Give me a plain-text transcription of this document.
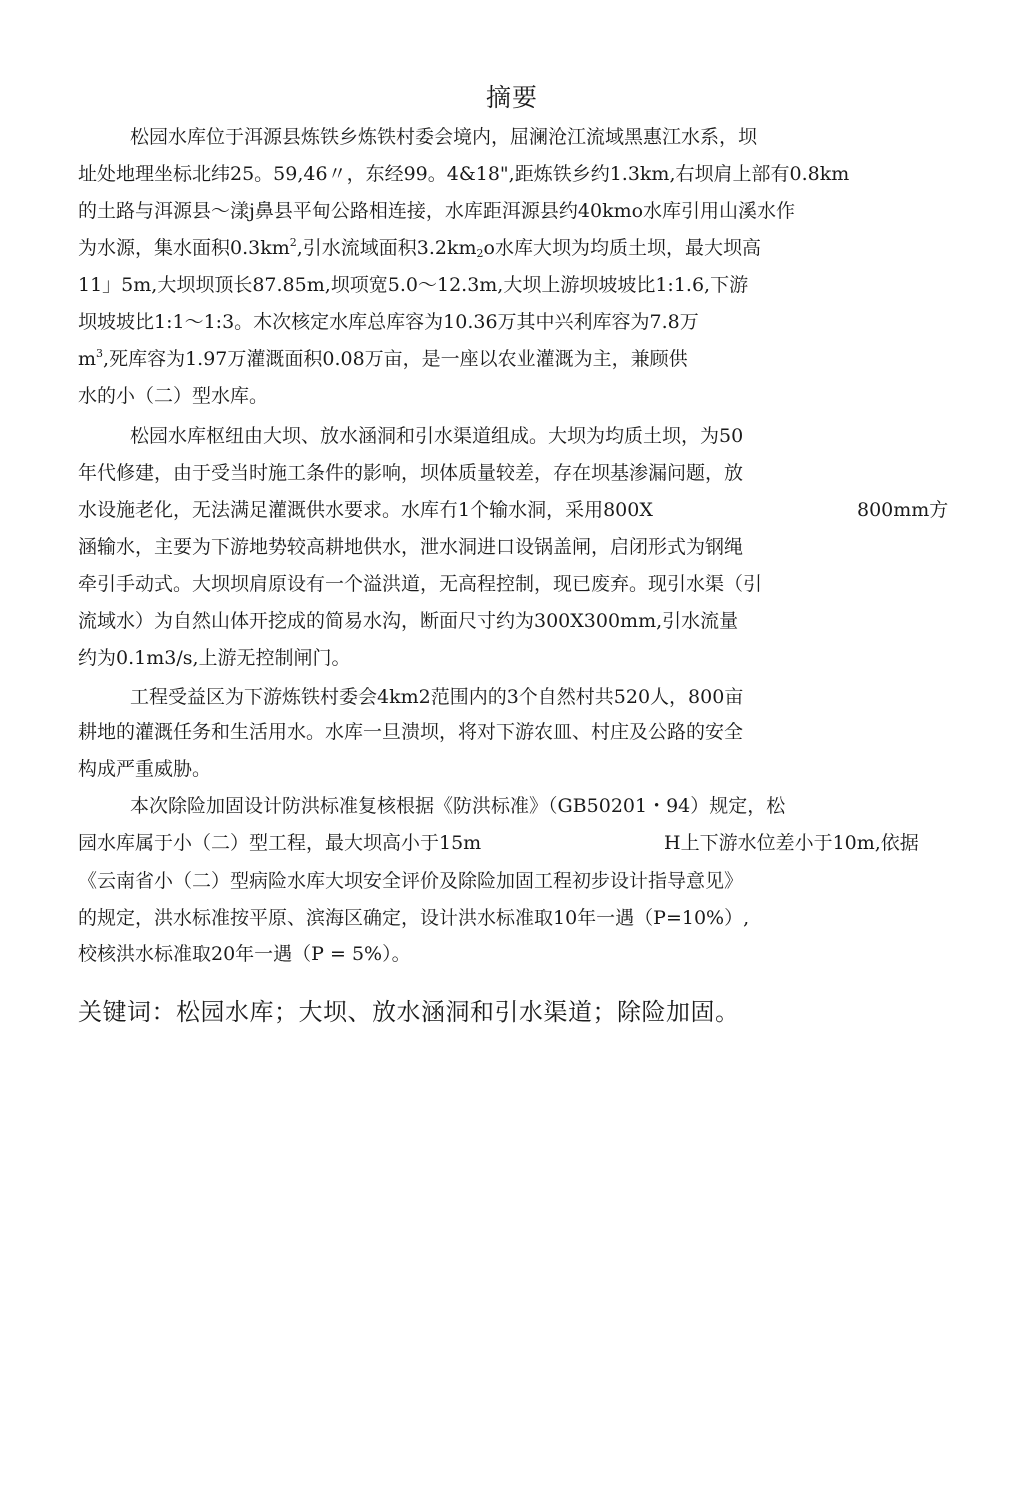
摘要
松园水库位于洱源县炼铁乡炼铁村委会境内，屈澜沧江流域黑惠江水系，坝
址处地理坐标北纬25。59,46〃，东经99。4&18",距炼铁乡约1.3km,右坝肩上部有0.8km
的土路与洱源县～漾j鼻县平甸公路相连接，水库距洱源县约40kmo水库引用山溪水作
为水源，集水面积$0.3km^2$,引水流域面积$3.2km_2o$水库大坝为均质土坝，最大坝高
11」5m,大坝坝顶长87.85m,坝项宽5.0～12.3m,大坝上游坝坡坡比1:1.6,下游
坝坡坡比1:1～1:3。木次核定水库总库容为10.36万其中兴利库容为7.8万
$m^3$,死库容为1.97万灌溉面积0.08万亩，是一座以农业灌溉为主，兼顾供
水的小（二）型水库。
松园水库枢纽由大坝、放水涵洞和引水渠道组成。大坝为均质土坝，为50
年代修建，由于受当时施工条件的影响，坝体质量较差，存在坝基渗漏问题，放
水设施老化，无法满足灌溉供水要求。水库冇1个输水洞，采用800X	800mm方
涵输水，主要为下游地势较高耕地供水，泄水洞进口设锅盖闸，启闭形式为钢绳
牵引手动式。大坝坝肩原设有一个溢洪道，无高程控制，现已废弃。现引水渠（引
流域水）为自然山体开挖成的简易水沟，断面尺寸约为300X300mm,引水流量
约为0.1m3/s,上游无控制闸门。
工程受益区为下游炼铁村委会4km2范围内的3个自然村共520人，800亩
耕地的灌溉任务和生活用水。水库一旦溃坝，将对下游农皿、村庄及公路的安全
构成严重威胁。
本次除险加固设计防洪标准复核根据《防洪标准》（GB50201・94）规定，松
园水库属于小（二）型工程，最大坝高小于15m	H上下游水位差小于10m,依据
《云南省小（二）型病险水库大坝安全评价及除险加固工程初步设计指导意见》
的规定，洪水标准按平原、滨海区确定，设计洪水标准取10年一遇（P=10%）,
校核洪水标准取20年一遇（P = 5%）。
关键词：松园水库；大坝、放水涵洞和引水渠道；除险加固。
